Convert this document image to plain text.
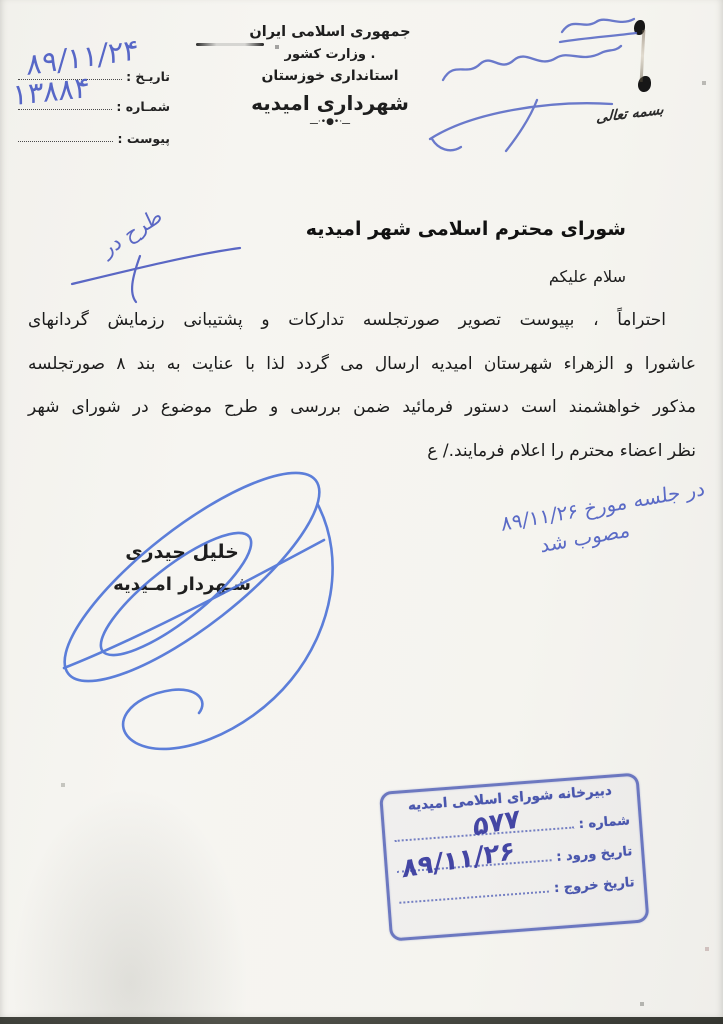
تاریـخ :
شمـاره :
پیوست :
۸۹/۱۱/۲۴
۱۳۸۸۴
جمهوری اسلامی ایران
. وزارت کشور
استانداری خوزستان
شهرداری امیدیه
ـــ·•●•·ـــ	بسمه تعالی
شورای محترم اسلامی شهر امیدیه
سلام علیکم
احتراماً ، بپیوست تصویر صورتجلسه تدارکات و پشتیبانی رزمایش گردانهای
عاشورا و الزهراء شهرستان امیدیه ارسال می گردد لذا با عنایت به بند ۸ صورتجلسه
مذکور خواهشمند است دستور فرمائید ضمن بررسی و طرح موضوع در شورای شهر
نظر اعضاء محترم را اعلام فرمایند./ ع
خلیل حیدری
شـهردار امـیدیه
طرح در
در جلسه مورخ ۸۹/۱۱/۲۶
مصوب شد
دبیرخانه شورای اسلامی امیدیه
شماره :
تاریخ ورود :
تاریخ خروج :
۵۷۷
۸۹/۱۱/۲۶
